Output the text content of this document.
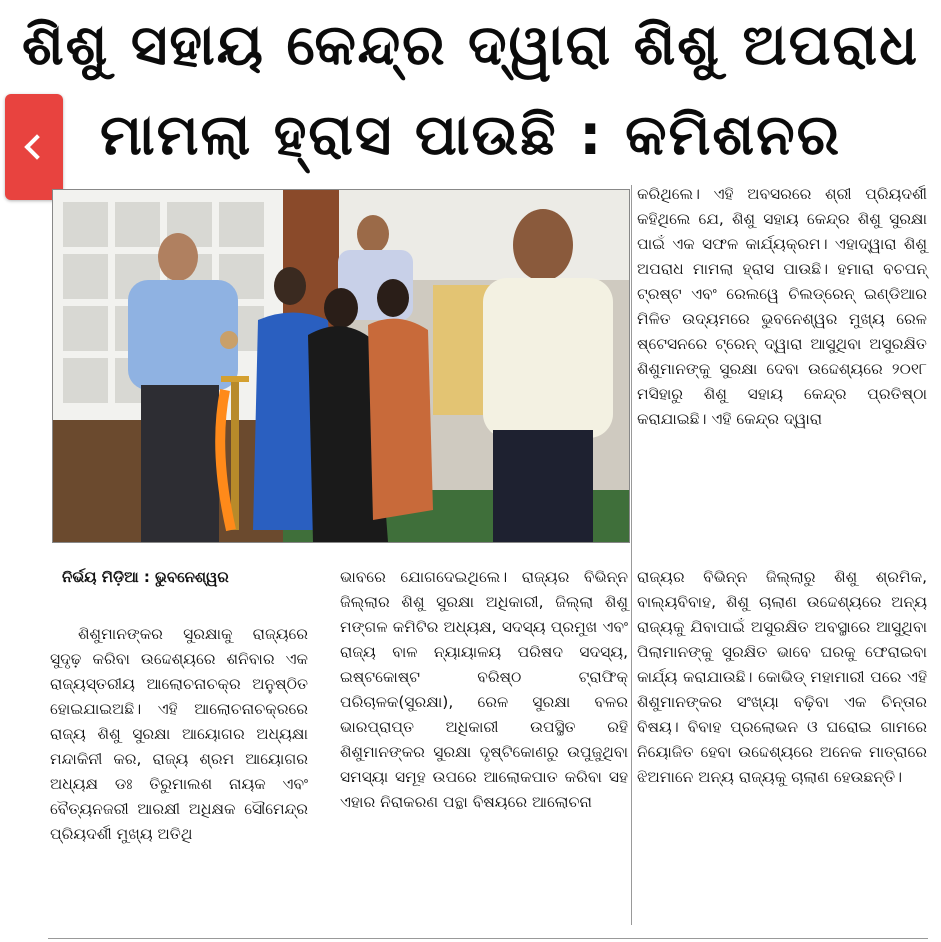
ଶିଶୁ ସହାୟ କେନ୍ଦ୍ର ଦ୍ୱାରା ଶିଶୁ ଅପରାଧ
ମାମଲା ହ୍ରାସ ପାଉଛି : କମିଶନର

କରିଥିଲେ। ଏହି ଅବସରରେ ଶ୍ରୀ ପ୍ରିୟଦର୍ଶୀ କହିଥିଲେ ଯେ, ଶିଶୁ ସହାୟ କେନ୍ଦ୍ର ଶିଶୁ ସୁରକ୍ଷା ପାଇଁ ଏକ ସଫଳ କାର୍ଯ୍ୟକ୍ରମ। ଏହାଦ୍ୱାରା ଶିଶୁ ଅପରାଧ ମାମଲା ହ୍ରାସ ପାଉଛି। ହମାରା ବଚପନ୍ ଟ୍ରଷ୍ଟ ଏବଂ ରେଲୱେ ଚିଲଡ୍ରେନ୍ ଇଣ୍ଡିଆର ମିଳିତ ଉଦ୍ୟମରେ ଭୁବନେଶ୍ୱର ମୁଖ୍ୟ ରେଳ ଷ୍ଟେସନରେ ଟ୍ରେନ୍ ଦ୍ୱାରା ଆସୁଥିବା ଅସୁରକ୍ଷିତ ଶିଶୁମାନଙ୍କୁ ସୁରକ୍ଷା ଦେବା ଉଦ୍ଦେଶ୍ୟରେ ୨୦୧୮ ମସିହାରୁ ଶିଶୁ ସହାୟ କେନ୍ଦ୍ର ପ୍ରତିଷ୍ଠା କରାଯାଇଛି। ଏହି କେନ୍ଦ୍ର ଦ୍ୱାରା

ନିର୍ଭୟ ମିଡ଼ିଆ : ଭୁବନେଶ୍ୱର

ଶିଶୁମାନଙ୍କର ସୁରକ୍ଷାକୁ ରାଜ୍ୟରେ ସୁଦୃଢ଼ କରିବା ଉଦ୍ଦେଶ୍ୟରେ ଶନିବାର ଏକ ରାଜ୍ୟସ୍ତରୀୟ ଆଲୋଚନାଚକ୍ର ଅନୁଷ୍ଠିତ ହୋଇଯାଇଅଛି। ଏହି ଆଲୋଚନାଚକ୍ରରେ ରାଜ୍ୟ ଶିଶୁ ସୁରକ୍ଷା ଆୟୋଗର ଅଧ୍ୟକ୍ଷା ମନ୍ଦାକିନୀ କର, ରାଜ୍ୟ ଶ୍ରମ ଆୟୋଗର ଅଧ୍ୟକ୍ଷ ଡଃ ତିରୁମାଲଶ ନାୟକ ଏବଂ ବୈତ୍ୟନଜରୀ ଆରକ୍ଷୀ ଅଧିକ୍ଷକ ସୌମେନ୍ଦ୍ର ପ୍ରିୟଦର୍ଶୀ ମୁଖ୍ୟ ଅତିଥି

ଭାବରେ ଯୋଗଦେଇଥିଲେ। ରାଜ୍ୟର ବିଭିନ୍ନ ଜିଲ୍ଲାର ଶିଶୁ ସୁରକ୍ଷା ଅଧିକାରୀ, ଜିଲ୍ଲା ଶିଶୁ ମଙ୍ଗଳ କମିଟିର ଅଧ୍ୟକ୍ଷ, ସଦସ୍ୟ ପ୍ରମୁଖ ଏବଂ ରାଜ୍ୟ ବାଳ ନ୍ୟାୟାଳୟ ପରିଷଦ ସଦସ୍ୟ, ଇଷ୍ଟକୋଷ୍ଟ ବରିଷ୍ଠ ଟ୍ରାଫିକ୍ ପରିଚାଳକ(ସୁରକ୍ଷା), ରେଳ ସୁରକ୍ଷା ବଳର ଭାରପ୍ରାପ୍ତ ଅଧିକାରୀ ଉପସ୍ଥିତ ରହି ଶିଶୁମାନଙ୍କର ସୁରକ୍ଷା ଦୃଷ୍ଟିକୋଣରୁ ଉପୁଜୁଥିବା ସମସ୍ୟା ସମୂହ ଉପରେ ଆଲୋକପାତ କରିବା ସହ ଏହାର ନିରାକରଣ ପନ୍ଥା ବିଷୟରେ ଆଲୋଚନା

ରାଜ୍ୟର ବିଭିନ୍ନ ଜିଲ୍ଲାରୁ ଶିଶୁ ଶ୍ରମିକ, ବାଲ୍ୟବିବାହ, ଶିଶୁ ଚାଲାଣ ଉଦ୍ଦେଶ୍ୟରେ ଅନ୍ୟ ରାଜ୍ୟକୁ ଯିବାପାଇଁ ଅସୁରକ୍ଷିତ ଅବସ୍ଥାରେ ଆସୁଥିବା ପିଲାମାନଙ୍କୁ ସୁରକ୍ଷିତ ଭାବେ ଘରକୁ ଫେରାଇବା କାର୍ଯ୍ୟ କରାଯାଉଛି। କୋଭିଡ୍ ମହାମାରୀ ପରେ ଏହି ଶିଶୁମାନଙ୍କର ସଂଖ୍ୟା ବଢ଼ିବା ଏକ ଚିନ୍ତାର ବିଷୟ। ବିବାହ ପ୍ରଲୋଭନ ଓ ଘରୋଇ ଗାମରେ ନିୟୋଜିତ ହେବା ଉଦ୍ଦେଶ୍ୟରେ ଅନେକ ମାତ୍ରାରେ ଝିଅମାନେ ଅନ୍ୟ ରାଜ୍ୟକୁ ଚାଲାଣ ହେଉଛନ୍ତି।
